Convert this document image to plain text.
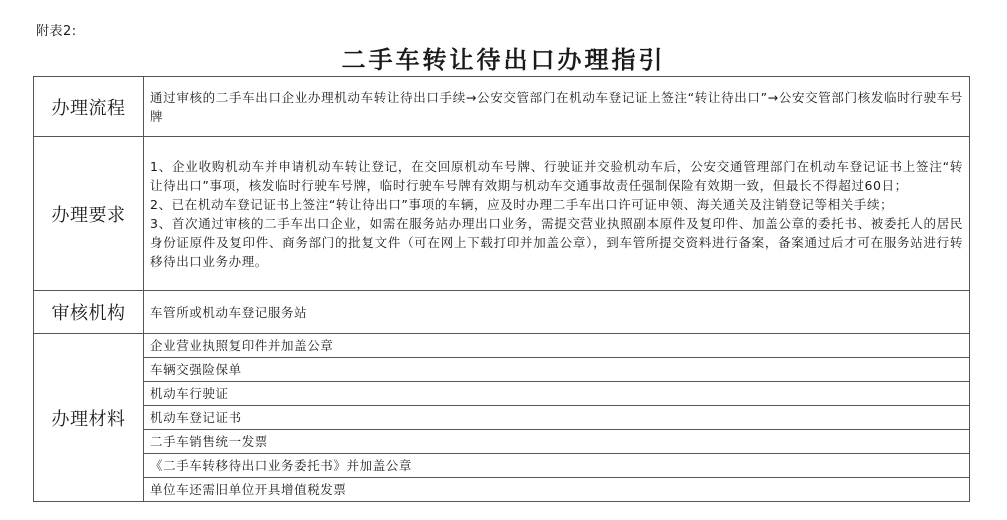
附表2:
二手车转让待出口办理指引
办理流程	通过审核的二手车出口企业办理机动车转让待出口手续→公安交管部门在机动车登记证上签注“转让待出口”→公安交管部门核发临时行驶车号牌
办理要求	1、企业收购机动车并申请机动车转让登记，在交回原机动车号牌、行驶证并交验机动车后，公安交通管理部门在机动车登记证书上签注“转让待出口”事项，核发临时行驶车号牌，临时行驶车号牌有效期与机动车交通事故责任强制保险有效期一致，但最长不得超过60日；
2、已在机动车登记证书上签注“转让待出口”事项的车辆，应及时办理二手车出口许可证申领、海关通关及注销登记等相关手续；
3、首次通过审核的二手车出口企业，如需在服务站办理出口业务，需提交营业执照副本原件及复印件、加盖公章的委托书、被委托人的居民身份证原件及复印件、商务部门的批复文件（可在网上下载打印并加盖公章），到车管所提交资料进行备案，备案通过后才可在服务站进行转移待出口业务办理。

审核机构	车管所或机动车登记服务站
办理材料	企业营业执照复印件并加盖公章
	车辆交强险保单
	机动车行驶证
	机动车登记证书
	二手车销售统一发票
	《二手车转移待出口业务委托书》并加盖公章
	单位车还需旧单位开具增值税发票
